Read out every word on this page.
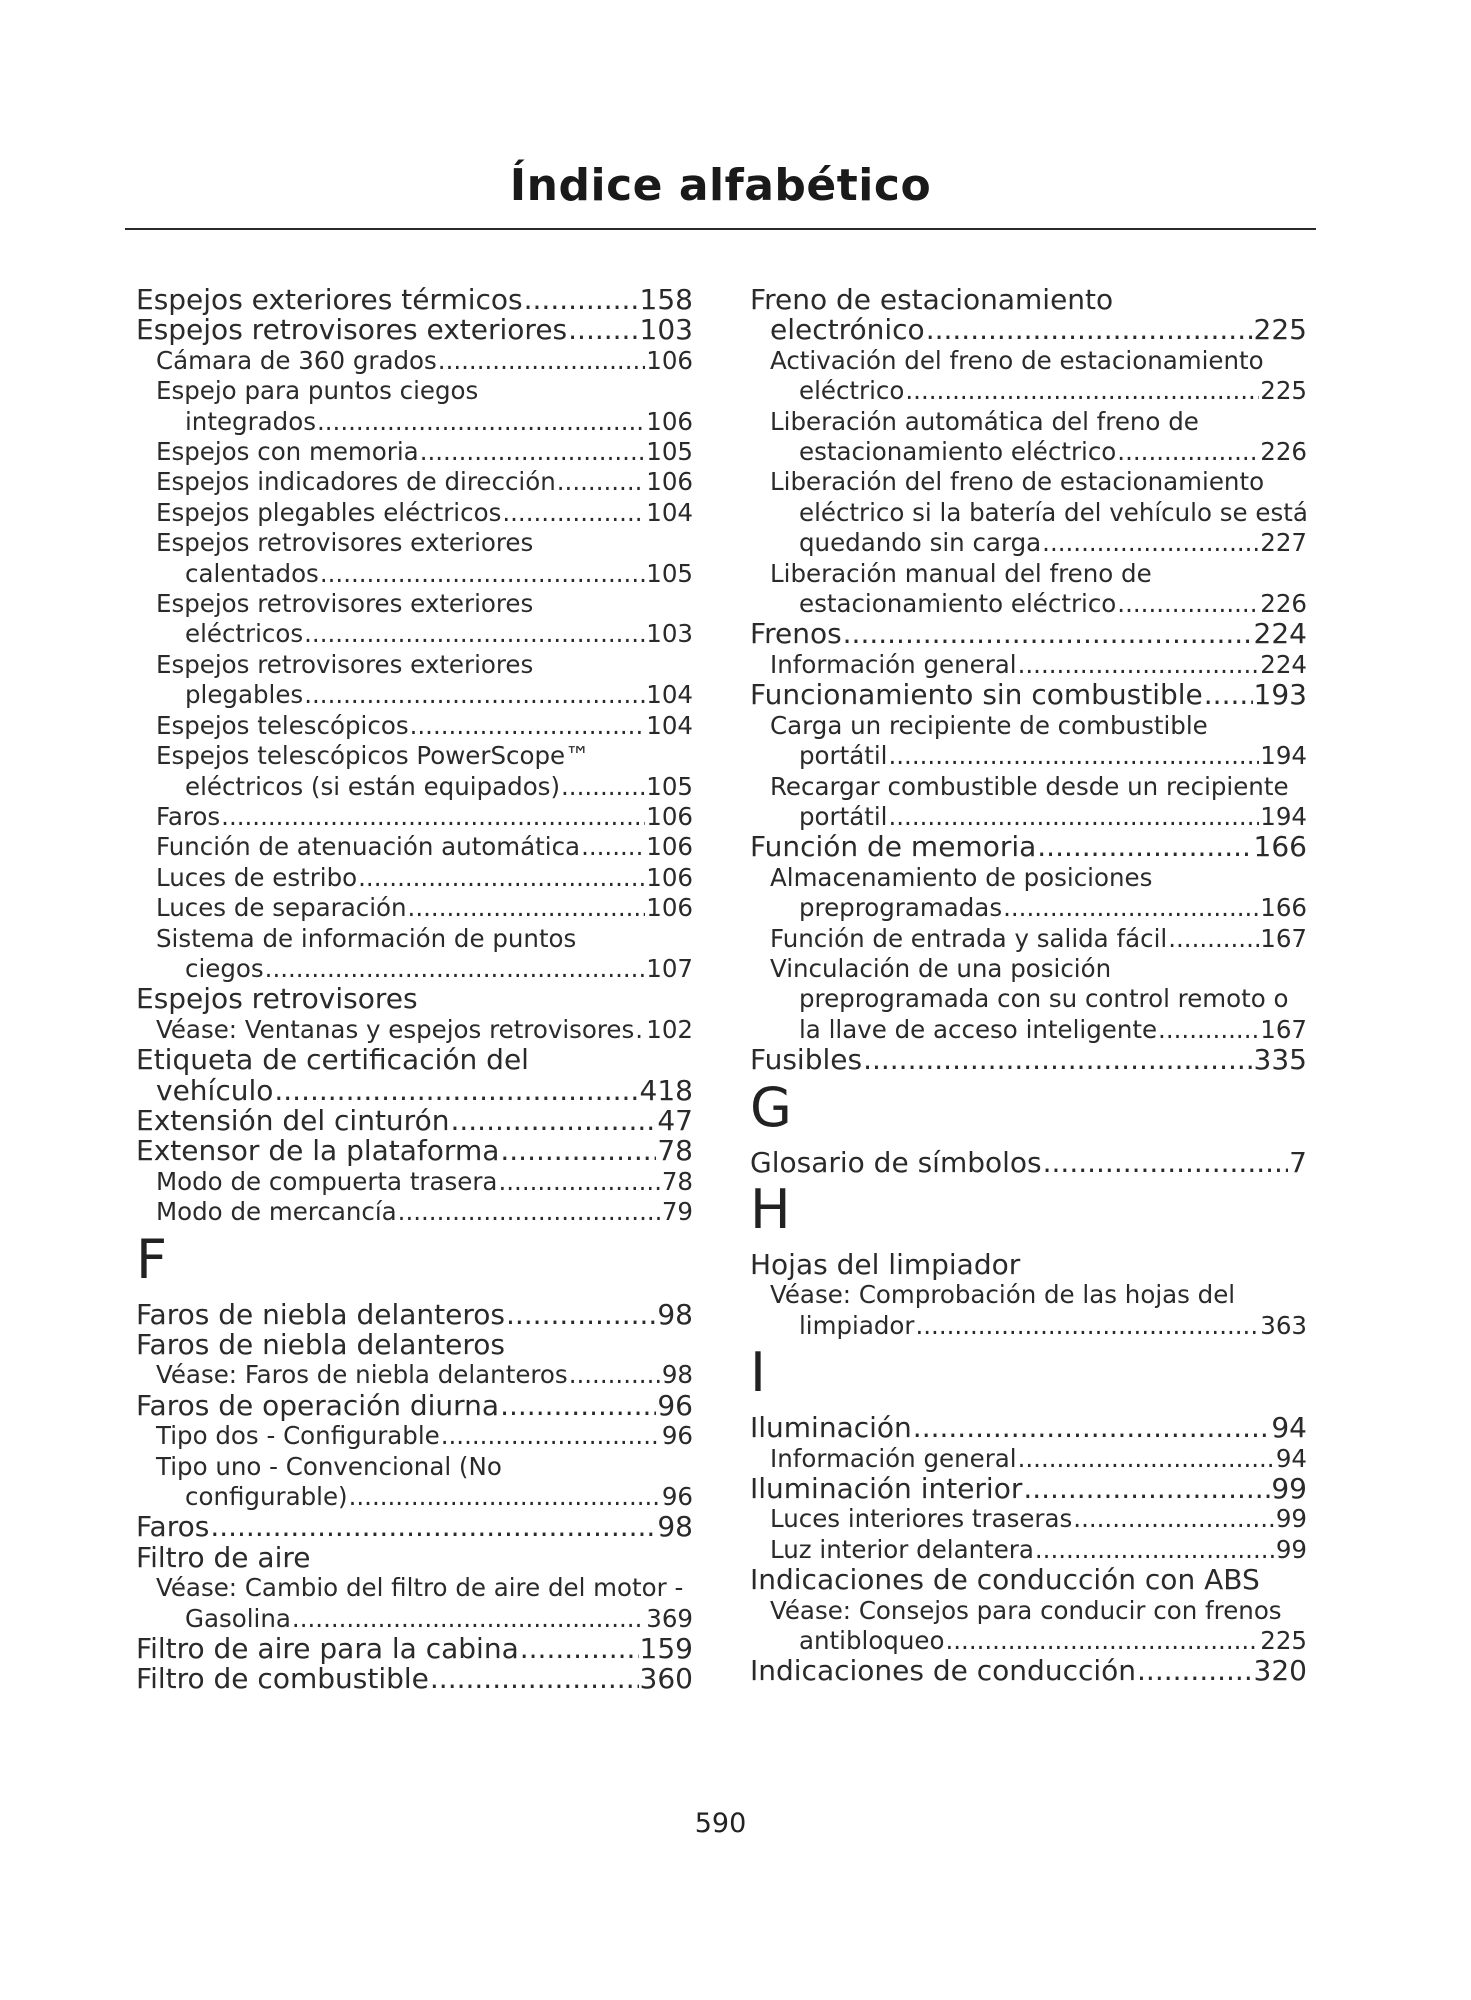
Índice alfabético
Espejos exteriores térmicos .....	158
Espejos retrovisores exteriores .....	103
Cámara de 360 grados .....	106
Espejo para puntos ciegos
integrados .....	106
Espejos con memoria .....	105
Espejos indicadores de dirección .....	106
Espejos plegables eléctricos .....	104
Espejos retrovisores exteriores
calentados .....	105
Espejos retrovisores exteriores
eléctricos .....	103
Espejos retrovisores exteriores
plegables .....	104
Espejos telescópicos .....	104
Espejos telescópicos PowerScope™
eléctricos (si están equipados) .....	105
Faros .....	106
Función de atenuación automática .....	106
Luces de estribo .....	106
Luces de separación .....	106
Sistema de información de puntos
ciegos .....	107
Espejos retrovisores
Véase: Ventanas y espejos retrovisores ..... 102
Etiqueta de certificación del
vehículo .....	418
Extensión del cinturón .....	47
Extensor de la plataforma .....	78
Modo de compuerta trasera .....	78
Modo de mercancía .....	79
F
Faros de niebla delanteros .....	98
Faros de niebla delanteros
Véase: Faros de niebla delanteros .....	98
Faros de operación diurna .....	96
Tipo dos - Configurable .....	96
Tipo uno - Convencional (No
configurable) .....	96
Faros .....	98
Filtro de aire
Véase: Cambio del filtro de aire del motor -
Gasolina .....	369
Filtro de aire para la cabina .....	159
Filtro de combustible .....	360
Freno de estacionamiento
electrónico .....	225
Activación del freno de estacionamiento
eléctrico .....	225
Liberación automática del freno de
estacionamiento eléctrico .....	226
Liberación del freno de estacionamiento
eléctrico si la batería del vehículo se está
quedando sin carga .....	227
Liberación manual del freno de
estacionamiento eléctrico .....	226
Frenos .....	224
Información general .....	224
Funcionamiento sin combustible ..... 193
Carga un recipiente de combustible
portátil .....	194
Recargar combustible desde un recipiente
portátil .....	194
Función de memoria .....	166
Almacenamiento de posiciones
preprogramadas .....	166
Función de entrada y salida fácil .....	167
Vinculación de una posición
preprogramada con su control remoto o
la llave de acceso inteligente .....	167
Fusibles .....	335
G
Glosario de símbolos .....	7
H
Hojas del limpiador
Véase: Comprobación de las hojas del
limpiador .....	363
I
Iluminación .....	94
Información general .....	94
Iluminación interior .....	99
Luces interiores traseras .....	99
Luz interior delantera .....	99
Indicaciones de conducción con ABS
Véase: Consejos para conducir con frenos
antibloqueo .....	225
Indicaciones de conducción .....	320
590
